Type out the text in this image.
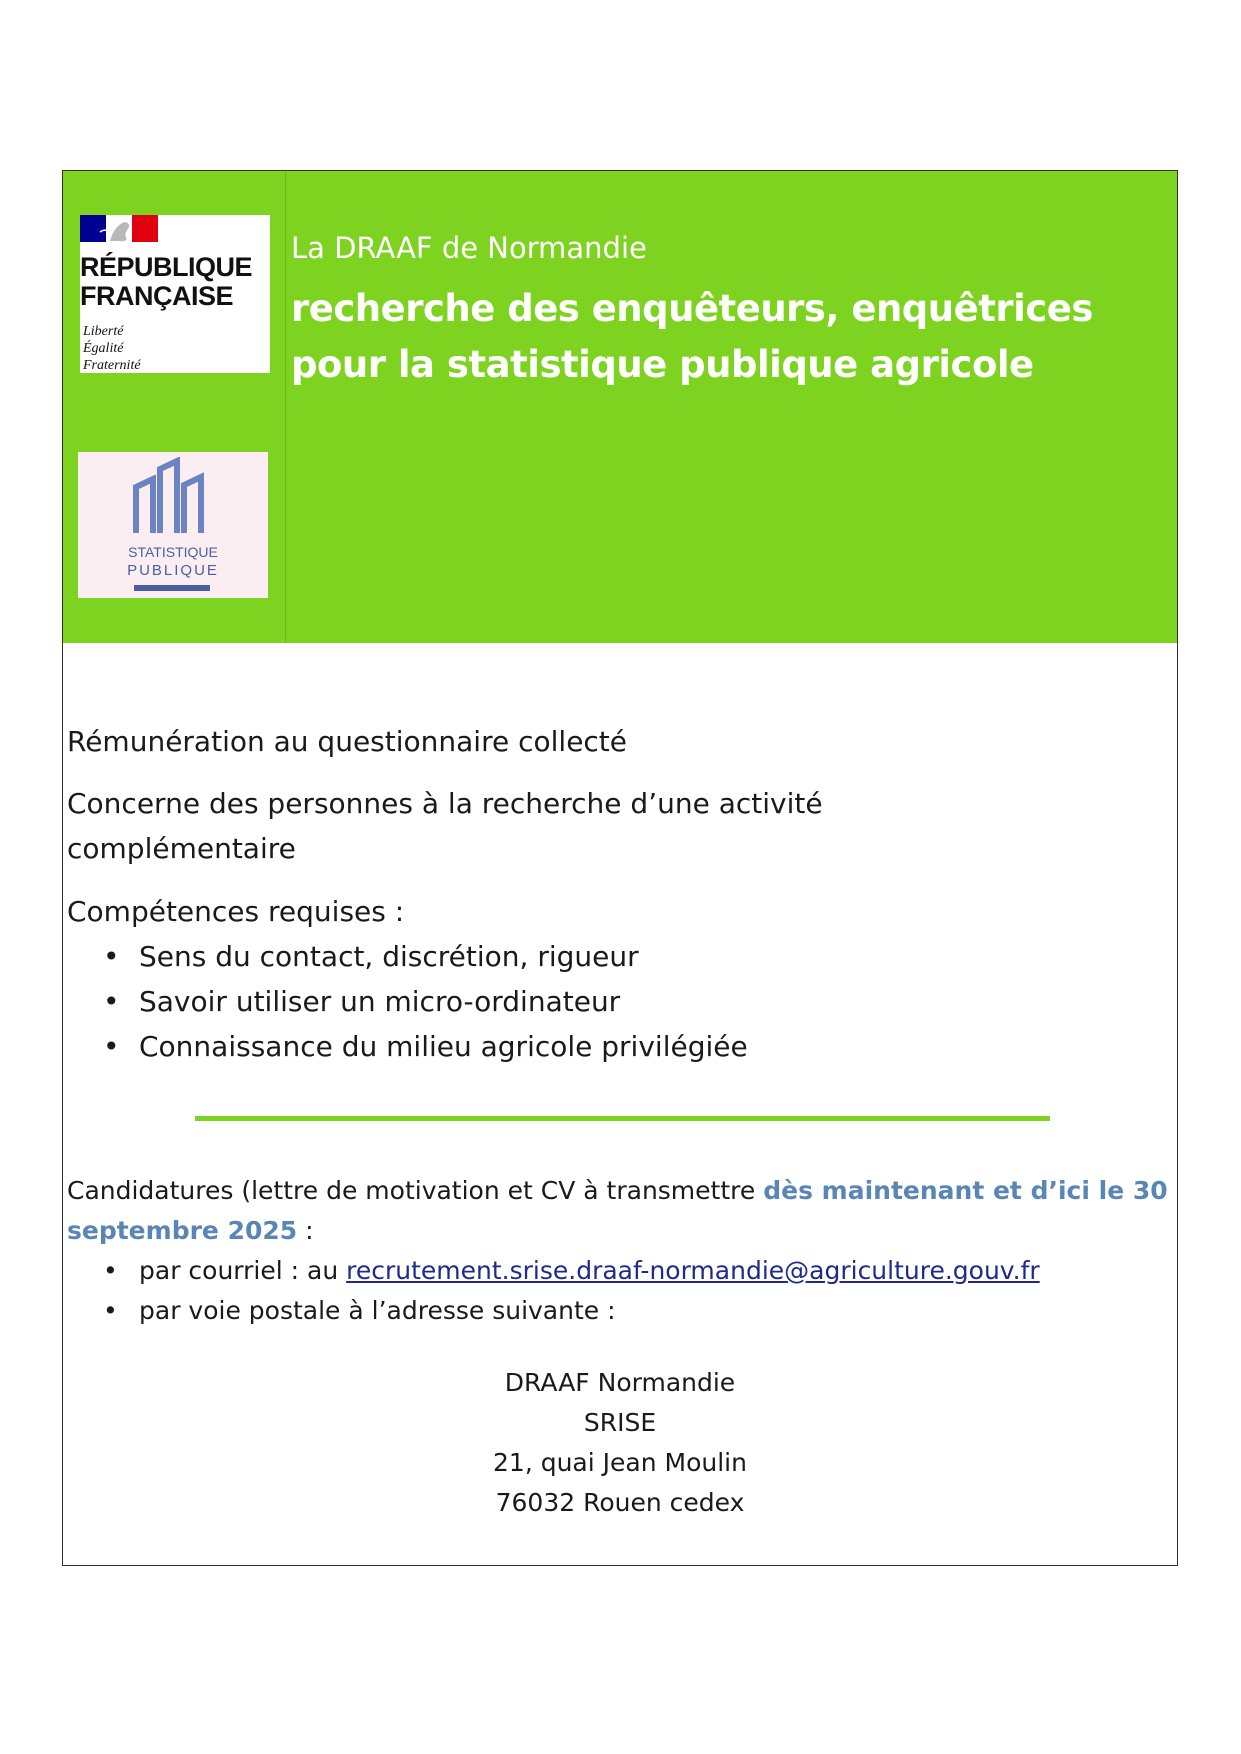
RÉPUBLIQUE
FRANÇAISE
Liberté
Égalité
Fraternité
STATISTIQUE
PUBLIQUE
La DRAAF de Normandie
recherche des enquêteurs, enquêtrices pour la statistique publique agricole
Rémunération au questionnaire collecté
Concerne des personnes à la recherche d’une activité complémentaire
Compétences requises :
• Sens du contact, discrétion, rigueur
• Savoir utiliser un micro-ordinateur
• Connaissance du milieu agricole privilégiée
Candidatures (lettre de motivation et CV à transmettre dès maintenant et d’ici le 30 septembre 2025 :
• par courriel : au recrutement.srise.draaf-normandie@agriculture.gouv.fr
• par voie postale à l’adresse suivante :
DRAAF Normandie
SRISE
21, quai Jean Moulin
76032 Rouen cedex
